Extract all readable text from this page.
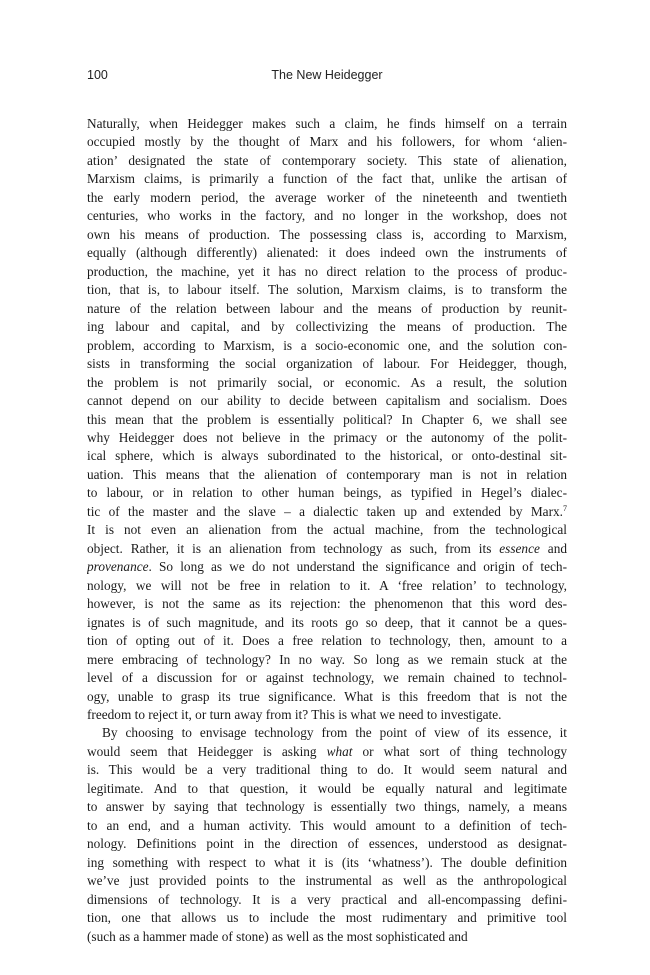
100	The New Heidegger
Naturally, when Heidegger makes such a claim, he finds himself on a terrain
occupied mostly by the thought of Marx and his followers, for whom ‘alien-
ation’ designated the state of contemporary society. This state of alienation,
Marxism claims, is primarily a function of the fact that, unlike the artisan of
the early modern period, the average worker of the nineteenth and twentieth
centuries, who works in the factory, and no longer in the workshop, does not
own his means of production. The possessing class is, according to Marxism,
equally (although differently) alienated: it does indeed own the instruments of
production, the machine, yet it has no direct relation to the process of produc-
tion, that is, to labour itself. The solution, Marxism claims, is to transform the
nature of the relation between labour and the means of production by reunit-
ing labour and capital, and by collectivizing the means of production. The
problem, according to Marxism, is a socio-economic one, and the solution con-
sists in transforming the social organization of labour. For Heidegger, though,
the problem is not primarily social, or economic. As a result, the solution
cannot depend on our ability to decide between capitalism and socialism. Does
this mean that the problem is essentially political? In Chapter 6, we shall see
why Heidegger does not believe in the primacy or the autonomy of the polit-
ical sphere, which is always subordinated to the historical, or onto-destinal sit-
uation. This means that the alienation of contemporary man is not in relation
to labour, or in relation to other human beings, as typified in Hegel’s dialec-
tic of the master and the slave – a dialectic taken up and extended by Marx.$^7$
It is not even an alienation from the actual machine, from the technological
object. Rather, it is an alienation from technology as such, from its essence and
provenance. So long as we do not understand the significance and origin of tech-
nology, we will not be free in relation to it. A ‘free relation’ to technology,
however, is not the same as its rejection: the phenomenon that this word des-
ignates is of such magnitude, and its roots go so deep, that it cannot be a ques-
tion of opting out of it. Does a free relation to technology, then, amount to a
mere embracing of technology? In no way. So long as we remain stuck at the
level of a discussion for or against technology, we remain chained to technol-
ogy, unable to grasp its true significance. What is this freedom that is not the
freedom to reject it, or turn away from it? This is what we need to investigate.
By choosing to envisage technology from the point of view of its essence, it
would seem that Heidegger is asking what or what sort of thing technology
is. This would be a very traditional thing to do. It would seem natural and
legitimate. And to that question, it would be equally natural and legitimate
to answer by saying that technology is essentially two things, namely, a means
to an end, and a human activity. This would amount to a definition of tech-
nology. Definitions point in the direction of essences, understood as designat-
ing something with respect to what it is (its ‘whatness’). The double definition
we’ve just provided points to the instrumental as well as the anthropological
dimensions of technology. It is a very practical and all-encompassing defini-
tion, one that allows us to include the most rudimentary and primitive tool
(such as a hammer made of stone) as well as the most sophisticated and
